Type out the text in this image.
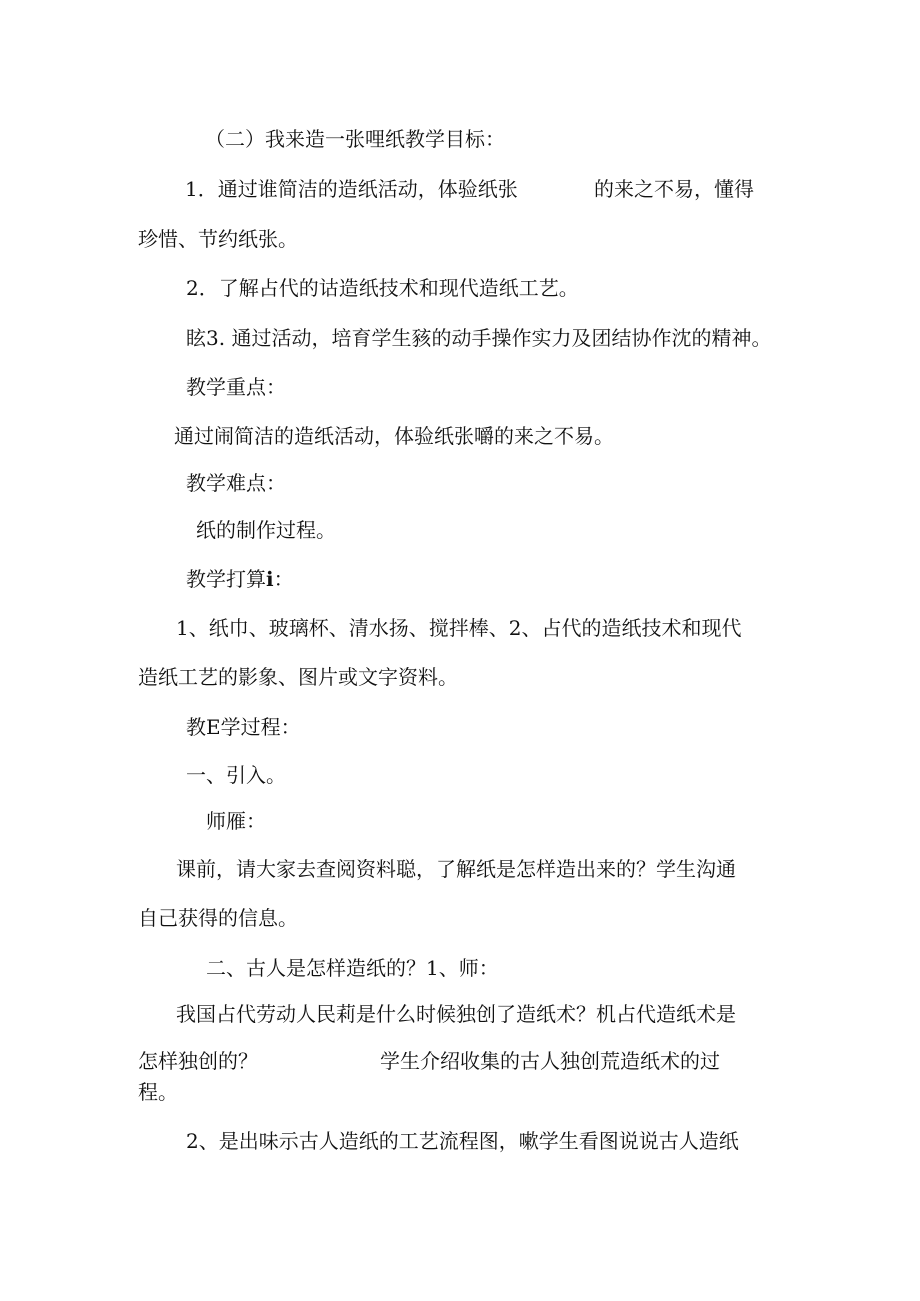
（二）我来造一张哩纸教学目标：
1．通过谁简洁的造纸活动，体验纸张	的来之不易，懂得
珍惜、节约纸张。
2．了解占代的诂造纸技术和现代造纸工艺。
眩3. 通过活动，培育学生豥的动手操作实力及团结协作沈的精神。
教学重点：
通过闹简洁的造纸活动，体验纸张嚼的来之不易。
教学难点：
纸的制作过程。
教学打算ℹ：
1、纸巾、玻璃杯、清水扬、搅拌棒、2、占代的造纸技术和现代
造纸工艺的影象、图片或文字资料。
教E学过程：
一、引入。
师雁：
课前，请大家去查阅资料聪，了解纸是怎样造出来的？学生沟通
自己获得的信息。
二、古人是怎样造纸的？1、师：
我国占代劳动人民莉是什么时候独创了造纸术？机占代造纸术是
怎样独创的？	学生介绍收集的古人独创荒造纸术的过
程。
2、是出味示古人造纸的工艺流程图，嗽学生看图说说古人造纸
